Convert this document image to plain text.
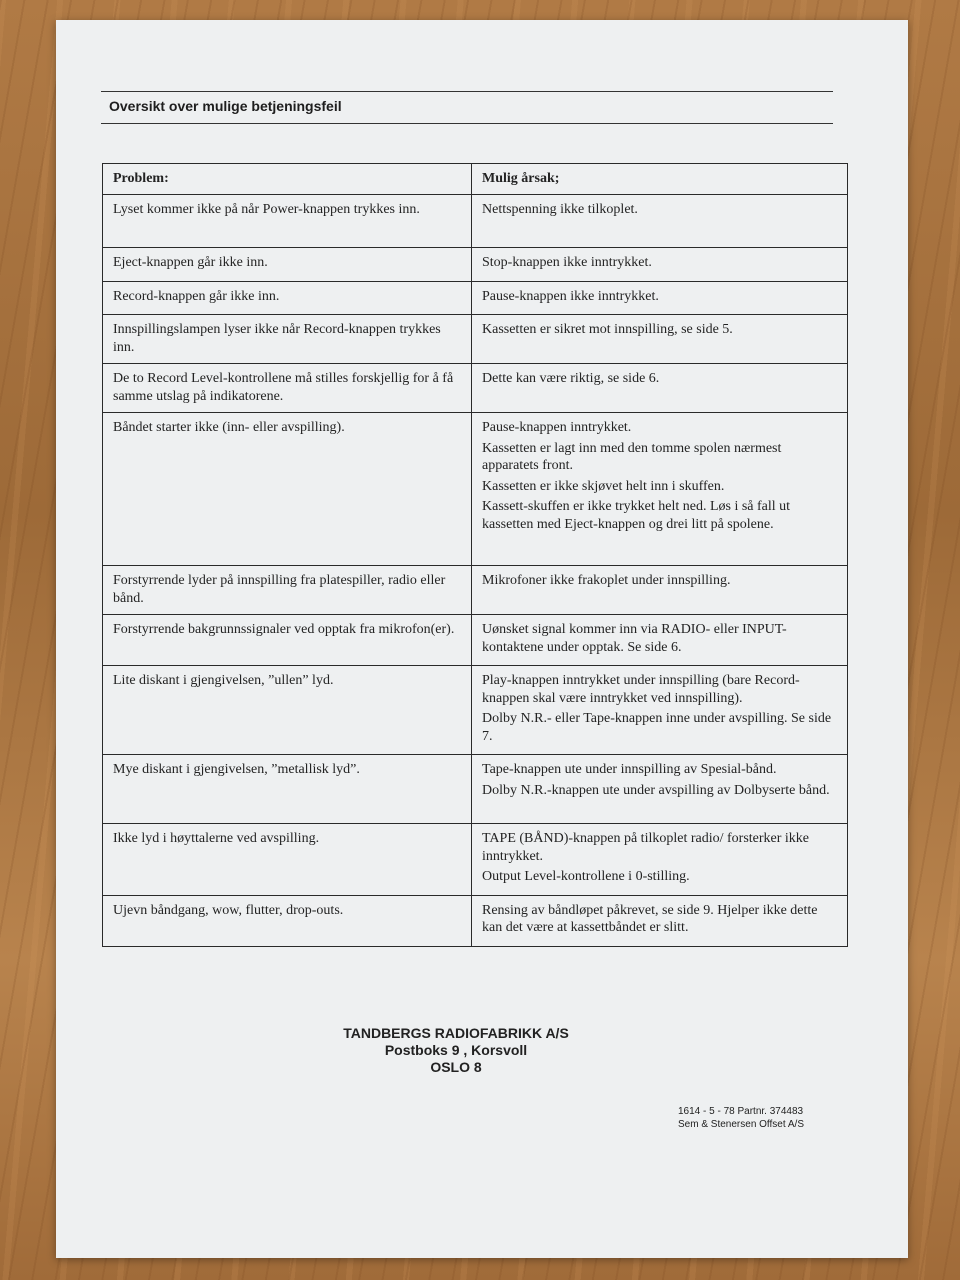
Oversikt over mulige betjeningsfeil
Problem:	Mulig årsak;
Lyset kommer ikke på når Power-knappen trykkes inn.	Nettspenning ikke tilkoplet.

Eject-knappen går ikke inn.	Stop-knappen ikke inntrykket.

Record-knappen går ikke inn.	Pause-knappen ikke inntrykket.

Innspillingslampen lyser ikke når Record-knappen trykkes inn.	Kassetten er sikret mot innspilling, se side 5.

De to Record Level-kontrollene må stilles forskjellig for å få samme utslag på indikatorene.	Dette kan være riktig, se side 6.

Båndet starter ikke (inn- eller avspilling).	Pause-knappen inntrykket.
Kassetten er lagt inn med den tomme spolen nærmest apparatets front.
Kassetten er ikke skjøvet helt inn i skuffen.
Kassett-skuffen er ikke trykket helt ned. Løs i så fall ut kassetten med Eject-knappen og drei litt på spolene.

Forstyrrende lyder på innspilling fra platespiller, radio eller bånd.	Mikrofoner ikke frakoplet under innspilling.

Forstyrrende bakgrunnssignaler ved opptak fra mikrofon(er).	Uønsket signal kommer inn via RADIO- eller INPUT-kontaktene under opptak. Se side 6.

Lite diskant i gjengivelsen, ”ullen” lyd.	Play-knappen inntrykket under innspilling (bare Record-knappen skal være inntrykket ved innspilling).
Dolby N.R.- eller Tape-knappen inne under avspilling. Se side 7.

Mye diskant i gjengivelsen, ”metallisk lyd”.	Tape-knappen ute under innspilling av Spesial-bånd.
Dolby N.R.-knappen ute under avspilling av Dolbyserte bånd.

Ikke lyd i høyttalerne ved avspilling.	TAPE (BÅND)-knappen på tilkoplet radio/ forsterker ikke inntrykket.
Output Level-kontrollene i 0-stilling.

Ujevn båndgang, wow, flutter, drop-outs.	Rensing av båndløpet påkrevet, se side 9. Hjelper ikke dette kan det være at kassettbåndet er slitt.
TANDBERGS RADIOFABRIKK A/S
Postboks 9 , Korsvoll
OSLO 8
1614 - 5 - 78 Partnr. 374483
Sem & Stenersen Offset A/S
